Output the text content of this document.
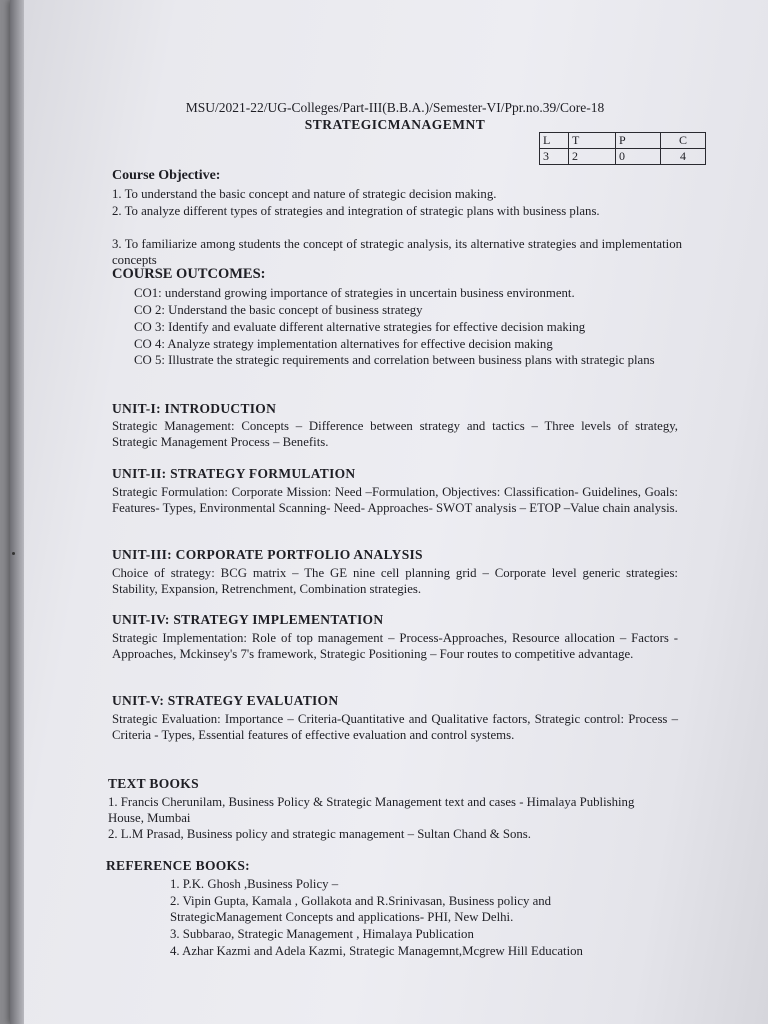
MSU/2021-22/UG-Colleges/Part-III(B.B.A.)/Semester-VI/Ppr.no.39/Core-18
STRATEGICMANAGEMNT
L	T	P	C
3	2	0	4
Course Objective:
1. To understand the basic concept and nature of strategic decision making.
2. To analyze different types of strategies and integration of strategic plans with business plans.
3. To familiarize among students the concept of strategic analysis, its alternative strategies and implementation concepts
COURSE OUTCOMES:
CO1: understand growing importance of strategies in uncertain business environment.
CO 2: Understand the basic concept of business strategy
CO 3: Identify and evaluate different alternative strategies for effective decision making
CO 4: Analyze strategy implementation alternatives for effective decision making
CO 5: Illustrate the strategic requirements and correlation between business plans with strategic plans
UNIT-I: INTRODUCTION
Strategic Management: Concepts – Difference between strategy and tactics – Three levels of strategy, Strategic Management Process – Benefits.
UNIT-II: STRATEGY FORMULATION
Strategic Formulation: Corporate Mission: Need –Formulation, Objectives: Classification- Guidelines, Goals: Features- Types, Environmental Scanning- Need- Approaches- SWOT analysis – ETOP –Value chain analysis.
UNIT-III: CORPORATE PORTFOLIO ANALYSIS
Choice of strategy: BCG matrix – The GE nine cell planning grid – Corporate level generic strategies: Stability, Expansion, Retrenchment, Combination strategies.
UNIT-IV: STRATEGY IMPLEMENTATION
Strategic Implementation: Role of top management – Process-Approaches, Resource allocation – Factors - Approaches, Mckinsey's 7's framework, Strategic Positioning – Four routes to competitive advantage.
UNIT-V: STRATEGY EVALUATION
Strategic Evaluation: Importance – Criteria-Quantitative and Qualitative factors, Strategic control: Process – Criteria - Types, Essential features of effective evaluation and control systems.
TEXT BOOKS
1. Francis Cherunilam, Business Policy & Strategic Management text and cases - Himalaya Publishing House, Mumbai
2. L.M Prasad, Business policy and strategic management – Sultan Chand & Sons.
REFERENCE BOOKS:
1. P.K. Ghosh ,Business Policy –
2. Vipin Gupta, Kamala , Gollakota and R.Srinivasan, Business policy and StrategicManagement Concepts and applications- PHI, New Delhi.
3. Subbarao, Strategic Management , Himalaya Publication
4. Azhar Kazmi and Adela Kazmi, Strategic Managemnt,Mcgrew Hill Education
